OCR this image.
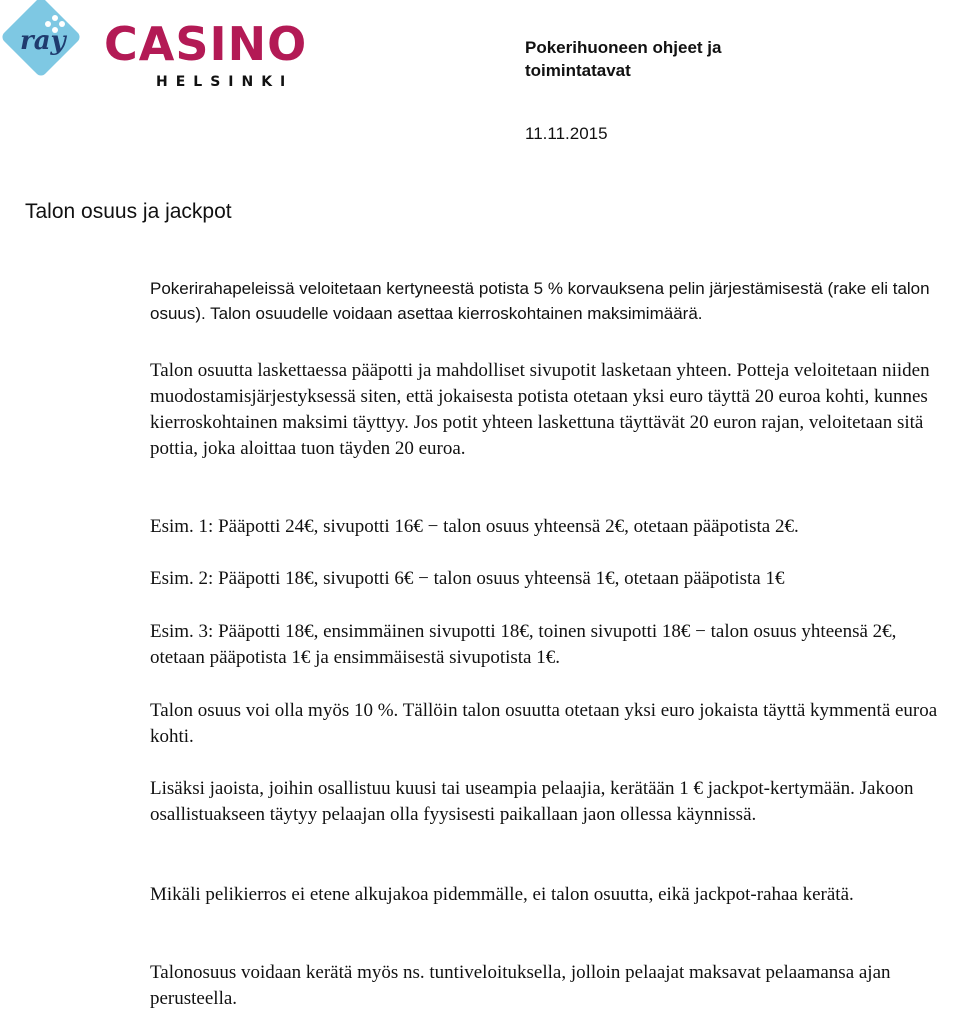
ray CASINO
HELSINKI
Pokerihuoneen ohjeet ja toimintatavat
11.11.2015
Talon osuus ja jackpot

Pokerirahapeleissä veloitetaan kertyneestä potista 5 % korvauksena pelin järjestämisestä (rake eli talon osuus). Talon osuudelle voidaan asettaa kierroskohtainen maksimimäärä.

Talon osuutta laskettaessa pääpotti ja mahdolliset sivupotit lasketaan yhteen. Potteja veloitetaan niiden muodostamisjärjestyksessä siten, että jokaisesta potista otetaan yksi euro täyttä 20 euroa kohti, kunnes kierroskohtainen maksimi täyttyy. Jos potit yhteen laskettuna täyttävät 20 euron rajan, veloitetaan sitä pottia, joka aloittaa tuon täyden 20 euroa.

Esim. 1: Pääpotti 24€, sivupotti 16€ − talon osuus yhteensä 2€, otetaan pääpotista 2€.

Esim. 2: Pääpotti 18€, sivupotti 6€ − talon osuus yhteensä 1€, otetaan pääpotista 1€

Esim. 3: Pääpotti 18€, ensimmäinen sivupotti 18€, toinen sivupotti 18€ − talon osuus yhteensä 2€, otetaan pääpotista 1€ ja ensimmäisestä sivupotista 1€.

Talon osuus voi olla myös 10 %. Tällöin talon osuutta otetaan yksi euro jokaista täyttä kymmentä euroa kohti.

Lisäksi jaoista, joihin osallistuu kuusi tai useampia pelaajia, kerätään 1 € jackpot-kertymään. Jakoon osallistuakseen täytyy pelaajan olla fyysisesti paikallaan jaon ollessa käynnissä.

Mikäli pelikierros ei etene alkujakoa pidemmälle, ei talon osuutta, eikä jackpot-rahaa kerätä.

Talonosuus voidaan kerätä myös ns. tuntiveloituksella, jolloin pelaajat maksavat pelaamansa ajan perusteella.
